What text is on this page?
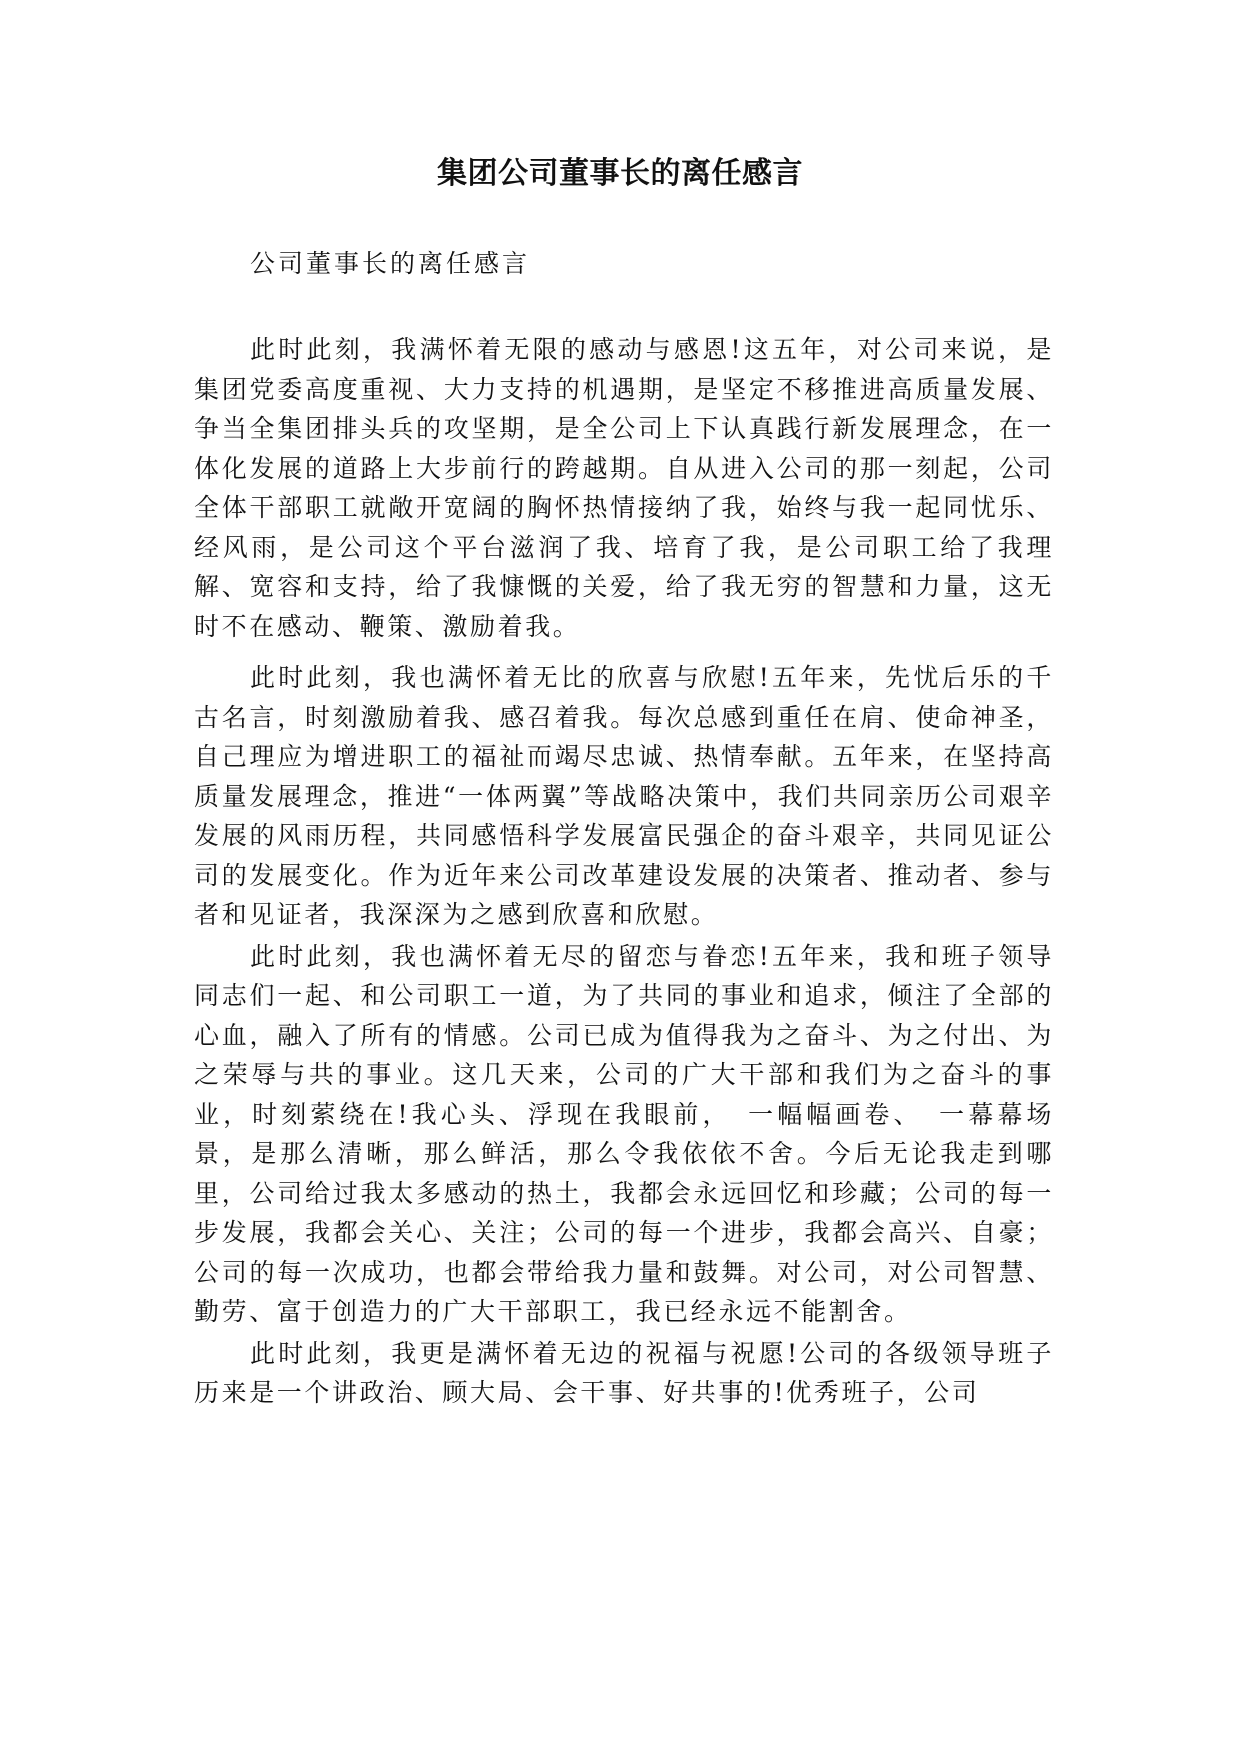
集团公司董事长的离任感言

公司董事长的离任感言

此时此刻，我满怀着无限的感动与感恩!这五年，对公司来说，是集团党委高度重视、大力支持的机遇期，是坚定不移推进高质量发展、争当全集团排头兵的攻坚期，是全公司上下认真践行新发展理念，在一体化发展的道路上大步前行的跨越期。自从进入公司的那一刻起，公司全体干部职工就敞开宽阔的胸怀热情接纳了我，始终与我一起同忧乐、经风雨，是公司这个平台滋润了我、培育了我，是公司职工给了我理解、宽容和支持，给了我慷慨的关爱，给了我无穷的智慧和力量，这无时不在感动、鞭策、激励着我。

此时此刻，我也满怀着无比的欣喜与欣慰!五年来，先忧后乐的千古名言，时刻激励着我、感召着我。每次总感到重任在肩、使命神圣，自己理应为增进职工的福祉而竭尽忠诚、热情奉献。五年来，在坚持高质量发展理念，推进“一体两翼”等战略决策中，我们共同亲历公司艰辛发展的风雨历程，共同感悟科学发展富民强企的奋斗艰辛，共同见证公司的发展变化。作为近年来公司改革建设发展的决策者、推动者、参与者和见证者，我深深为之感到欣喜和欣慰。

此时此刻，我也满怀着无尽的留恋与眷恋!五年来，我和班子领导同志们一起、和公司职工一道，为了共同的事业和追求，倾注了全部的心血，融入了所有的情感。公司已成为值得我为之奋斗、为之付出、为之荣辱与共的事业。这几天来，公司的广大干部和我们为之奋斗的事业，时刻萦绕在!我心头、浮现在我眼前，　一幅幅画卷、　一幕幕场景，是那么清晰，那么鲜活，那么令我依依不舍。今后无论我走到哪里，公司给过我太多感动的热土，我都会永远回忆和珍藏；公司的每一步发展，我都会关心、关注；公司的每一个进步，我都会高兴、自豪；公司的每一次成功，也都会带给我力量和鼓舞。对公司，对公司智慧、勤劳、富于创造力的广大干部职工，我已经永远不能割舍。

此时此刻，我更是满怀着无边的祝福与祝愿!公司的各级领导班子历来是一个讲政治、顾大局、会干事、好共事的!优秀班子，公司
